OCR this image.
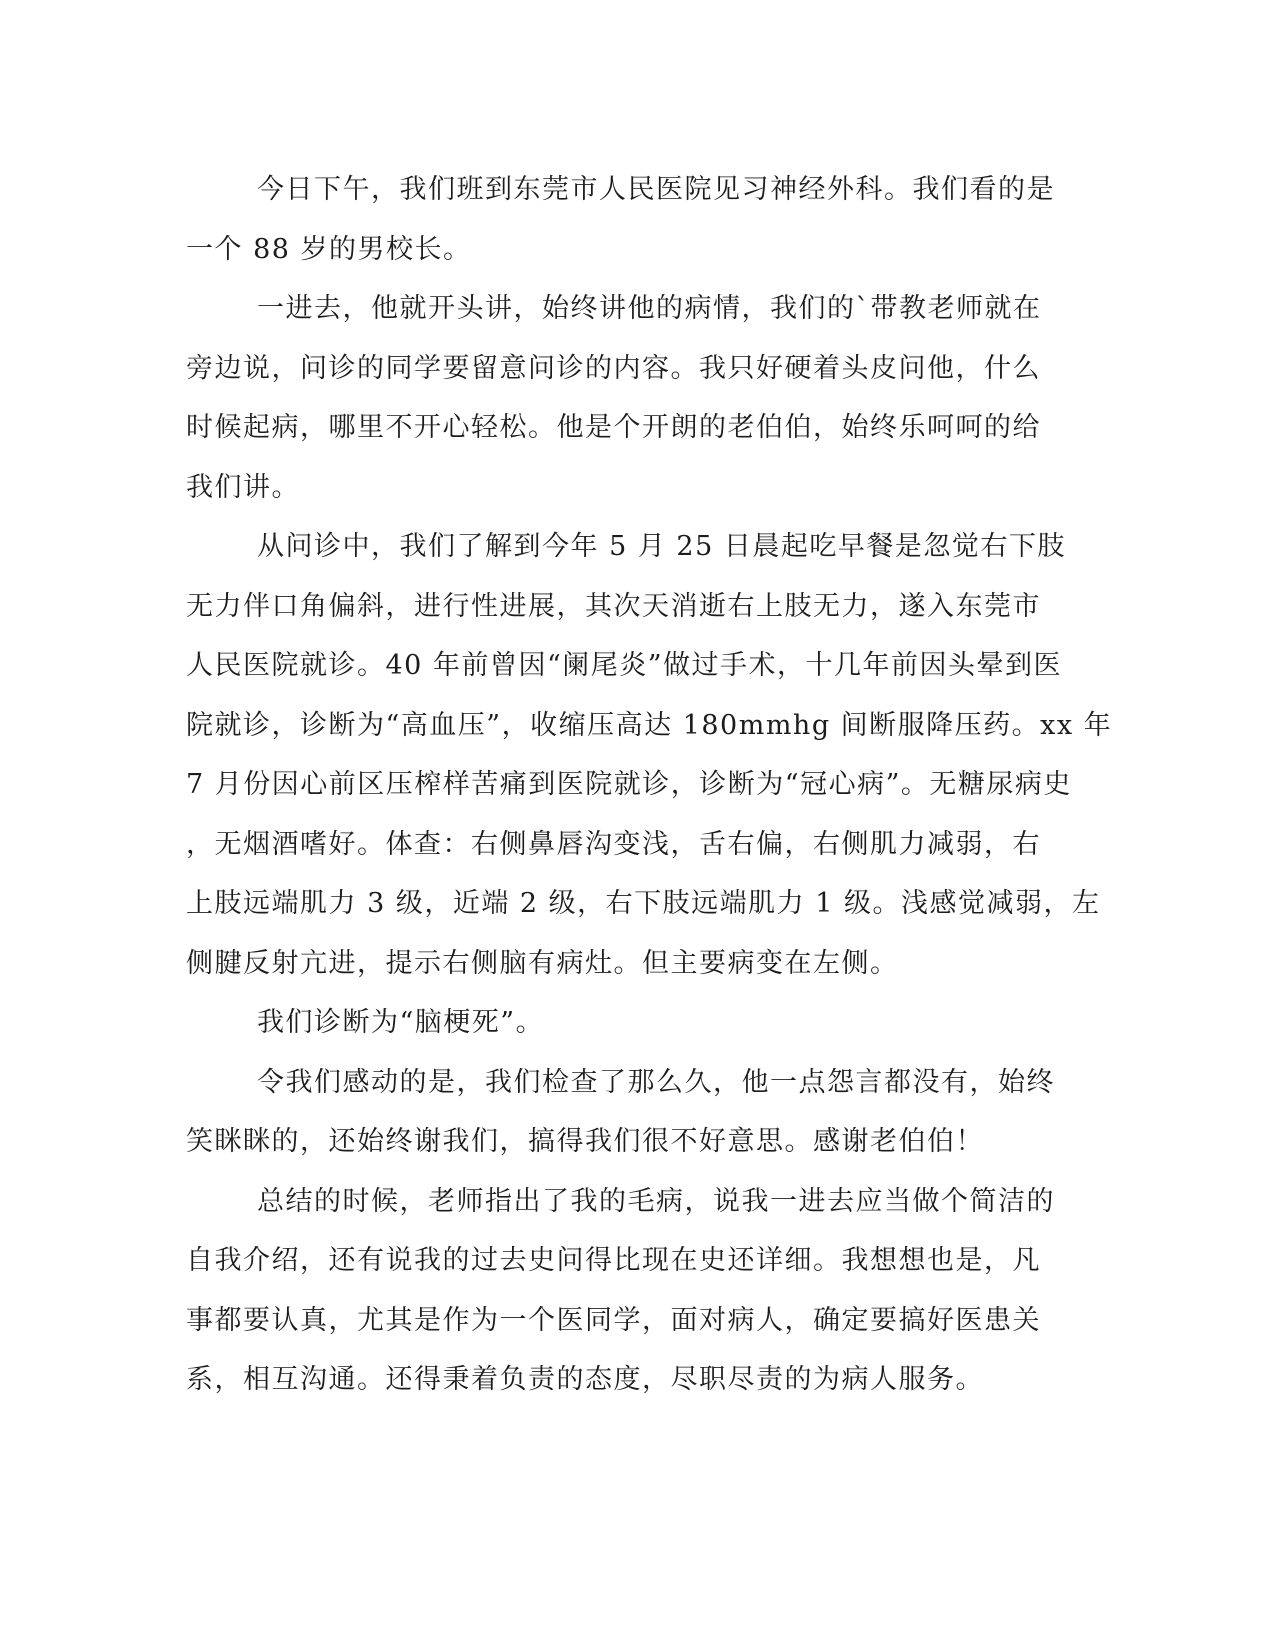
今日下午，我们班到东莞市人民医院见习神经外科。我们看的是
一个 88 岁的男校长。
一进去，他就开头讲，始终讲他的病情，我们的`带教老师就在
旁边说，问诊的同学要留意问诊的内容。我只好硬着头皮问他，什么
时候起病，哪里不开心轻松。他是个开朗的老伯伯，始终乐呵呵的给
我们讲。
从问诊中，我们了解到今年 5 月 25 日晨起吃早餐是忽觉右下肢
无力伴口角偏斜，进行性进展，其次天消逝右上肢无力，遂入东莞市
人民医院就诊。40 年前曾因“阑尾炎”做过手术，十几年前因头晕到医
院就诊，诊断为“高血压”，收缩压高达 180mmhg 间断服降压药。xx 年
7 月份因心前区压榨样苦痛到医院就诊，诊断为“冠心病”。无糖尿病史
，无烟酒嗜好。体查：右侧鼻唇沟变浅，舌右偏，右侧肌力减弱，右
上肢远端肌力 3 级，近端 2 级，右下肢远端肌力 1 级。浅感觉减弱，左
侧腱反射亢进，提示右侧脑有病灶。但主要病变在左侧。
我们诊断为“脑梗死”。
令我们感动的是，我们检查了那么久，他一点怨言都没有，始终
笑眯眯的，还始终谢我们，搞得我们很不好意思。感谢老伯伯！
总结的时候，老师指出了我的毛病，说我一进去应当做个简洁的
自我介绍，还有说我的过去史问得比现在史还详细。我想想也是，凡
事都要认真，尤其是作为一个医同学，面对病人，确定要搞好医患关
系，相互沟通。还得秉着负责的态度，尽职尽责的为病人服务。
